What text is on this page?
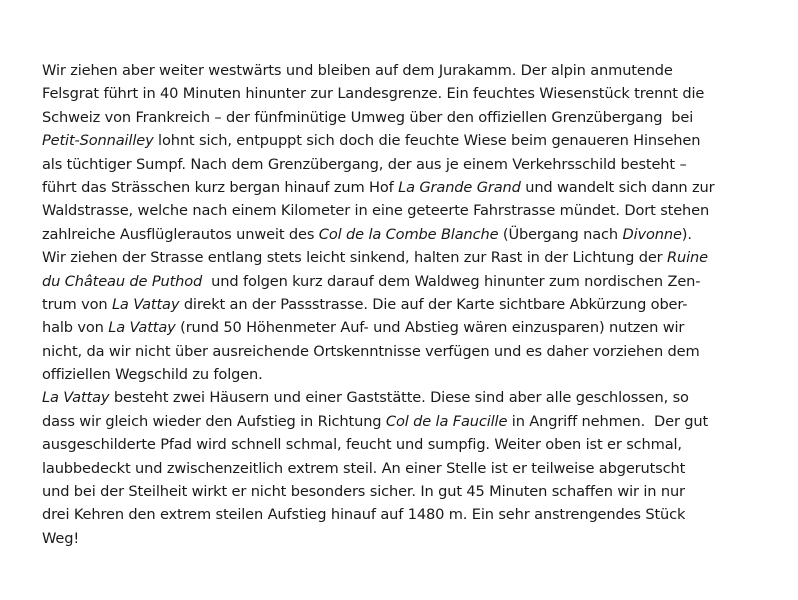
Wir ziehen aber weiter westwärts und bleiben auf dem Jurakamm. Der alpin anmutende
Felsgrat führt in 40 Minuten hinunter zur Landesgrenze. Ein feuchtes Wiesenstück trennt die
Schweiz von Frankreich – der fünfminütige Umweg über den offiziellen Grenzübergang  bei
Petit-Sonnailley lohnt sich, entpuppt sich doch die feuchte Wiese beim genaueren Hinsehen
als tüchtiger Sumpf. Nach dem Grenzübergang, der aus je einem Verkehrsschild besteht –
führt das Strässchen kurz bergan hinauf zum Hof La Grande Grand und wandelt sich dann zur
Waldstrasse, welche nach einem Kilometer in eine geteerte Fahrstrasse mündet. Dort stehen
zahlreiche Ausflüglerautos unweit des Col de la Combe Blanche (Übergang nach Divonne).
Wir ziehen der Strasse entlang stets leicht sinkend, halten zur Rast in der Lichtung der Ruine
du Château de Puthod  und folgen kurz darauf dem Waldweg hinunter zum nordischen Zen-
trum von La Vattay direkt an der Passstrasse. Die auf der Karte sichtbare Abkürzung ober-
halb von La Vattay (rund 50 Höhenmeter Auf- und Abstieg wären einzusparen) nutzen wir
nicht, da wir nicht über ausreichende Ortskenntnisse verfügen und es daher vorziehen dem
offiziellen Wegschild zu folgen.
La Vattay besteht zwei Häusern und einer Gaststätte. Diese sind aber alle geschlossen, so
dass wir gleich wieder den Aufstieg in Richtung Col de la Faucille in Angriff nehmen.  Der gut
ausgeschilderte Pfad wird schnell schmal, feucht und sumpfig. Weiter oben ist er schmal,
laubbedeckt und zwischenzeitlich extrem steil. An einer Stelle ist er teilweise abgerutscht
und bei der Steilheit wirkt er nicht besonders sicher. In gut 45 Minuten schaffen wir in nur
drei Kehren den extrem steilen Aufstieg hinauf auf 1480 m. Ein sehr anstrengendes Stück
Weg!
